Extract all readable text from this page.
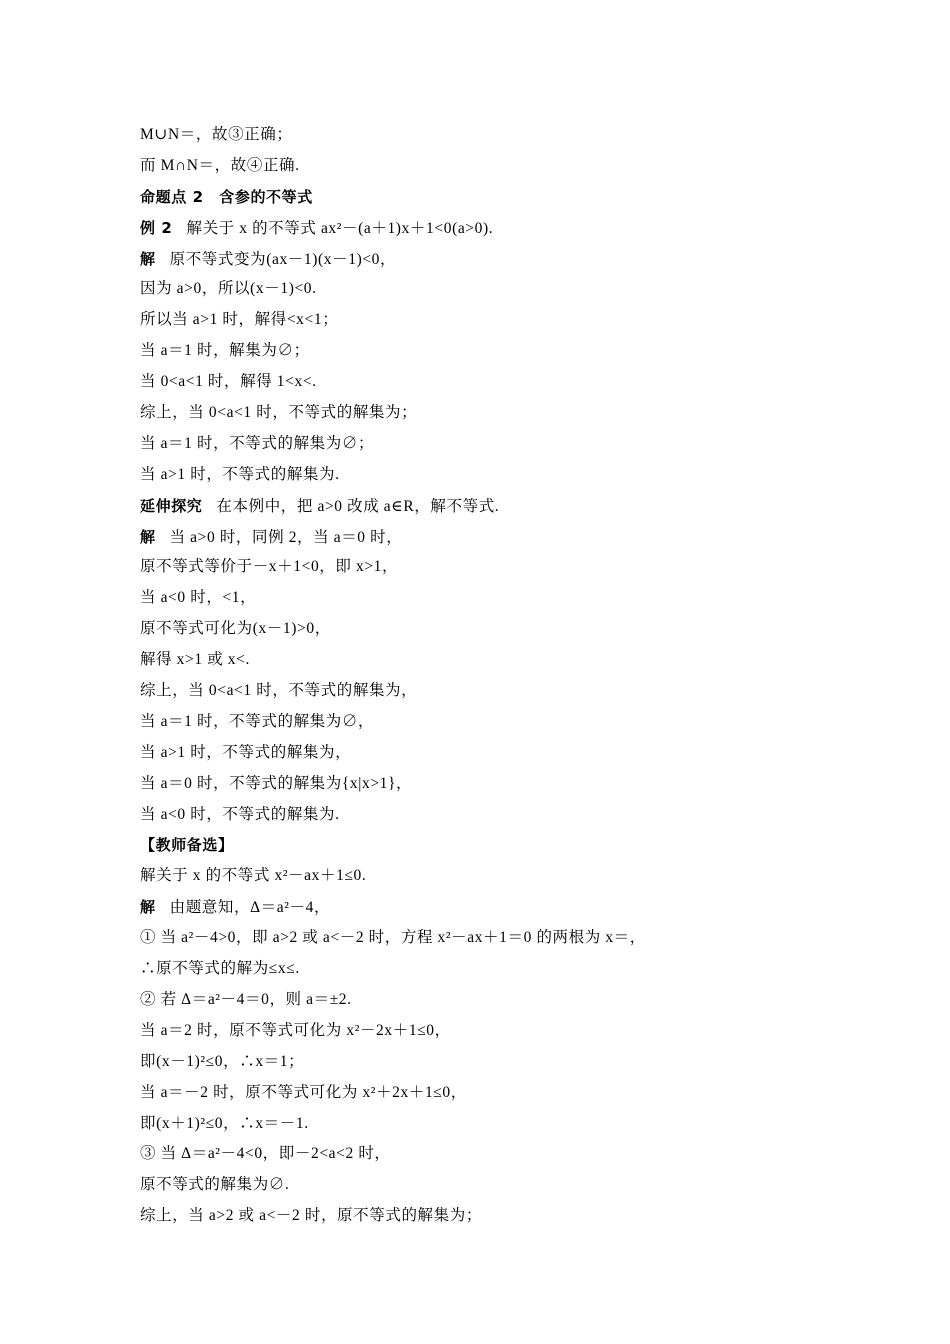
M∪N＝，故③正确；
而 M∩N＝，故④正确.
命题点 2　含参的不等式
例 2 解关于 x 的不等式 ax²－(a＋1)x＋1<0(a>0).
解 原不等式变为(ax－1)(x－1)<0，
因为 a>0，所以(x－1)<0.
所以当 a>1 时，解得<x<1；
当 a＝1 时，解集为∅；
当 0<a<1 时，解得 1<x<.
综上，当 0<a<1 时，不等式的解集为；
当 a＝1 时，不等式的解集为∅；
当 a>1 时，不等式的解集为.
延伸探究 在本例中，把 a>0 改成 a∈R，解不等式.
解 当 a>0 时，同例 2，当 a＝0 时，
原不等式等价于－x＋1<0，即 x>1，
当 a<0 时，<1，
原不等式可化为(x－1)>0，
解得 x>1 或 x<.
综上，当 0<a<1 时，不等式的解集为，
当 a＝1 时，不等式的解集为∅，
当 a>1 时，不等式的解集为，
当 a＝0 时，不等式的解集为{x|x>1}，
当 a<0 时，不等式的解集为.
【教师备选】
解关于 x 的不等式 x²－ax＋1≤0.
解 由题意知，Δ＝a²－4，
① 当 a²－4>0，即 a>2 或 a<－2 时，方程 x²－ax＋1＝0 的两根为 x＝，
∴原不等式的解为≤x≤.
② 若 Δ＝a²－4＝0，则 a＝±2.
当 a＝2 时，原不等式可化为 x²－2x＋1≤0，
即(x－1)²≤0，∴x＝1；
当 a＝－2 时，原不等式可化为 x²＋2x＋1≤0，
即(x＋1)²≤0，∴x＝－1.
③ 当 Δ＝a²－4<0，即－2<a<2 时，
原不等式的解集为∅.
综上，当 a>2 或 a<－2 时，原不等式的解集为；
